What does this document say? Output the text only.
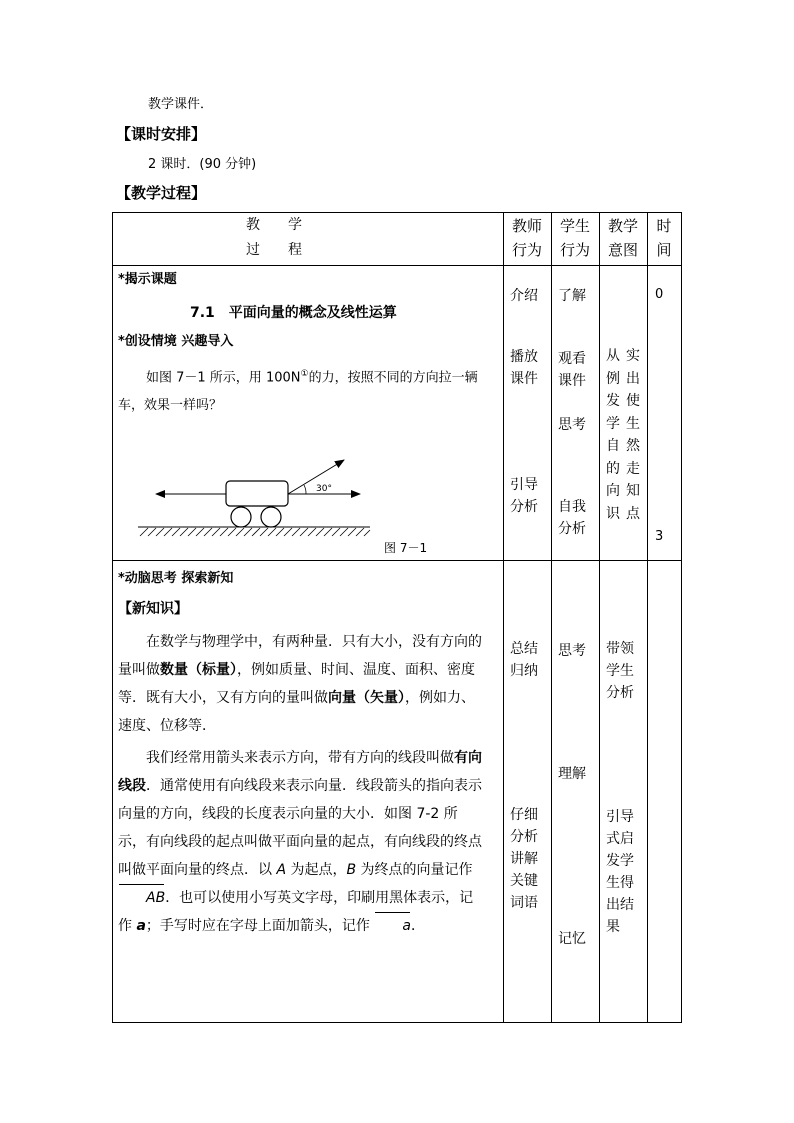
教学课件．
【课时安排】
2 课时．(90 分钟)
【教学过程】
教　　学
过　　程
教师行为
学生行为
教学意图
时间
*揭示课题
7.1　平面向量的概念及线性运算
*创设情境 兴趣导入
如图 7－1 所示，用 100N①的力，按照不同的方向拉一辆车，效果一样吗？
30°
图 7－1
介绍
播放课件
引导分析
了解
观看课件
思考
自我分析
从实例出发使学生自然的走向知识点
0
3
*动脑思考 探索新知
【新知识】
在数学与物理学中，有两种量．只有大小，没有方向的量叫做数量（标量），例如质量、时间、温度、面积、密度等．既有大小，又有方向的量叫做向量（矢量），例如力、速度、位移等．
我们经常用箭头来表示方向，带有方向的线段叫做有向线段．通常使用有向线段来表示向量．线段箭头的指向表示向量的方向，线段的长度表示向量的大小．如图 7-2 所示，有向线段的起点叫做平面向量的起点，有向线段的终点叫做平面向量的终点．以 A 为起点，B 为终点的向量记作 AB．也可以使用小写英文字母，印刷用黑体表示，记作 a；手写时应在字母上面加箭头，记作 a．
总结归纳
仔细分析讲解关键词语
思考
理解
记忆
带领学生分析
引导式启发学生得出结果
